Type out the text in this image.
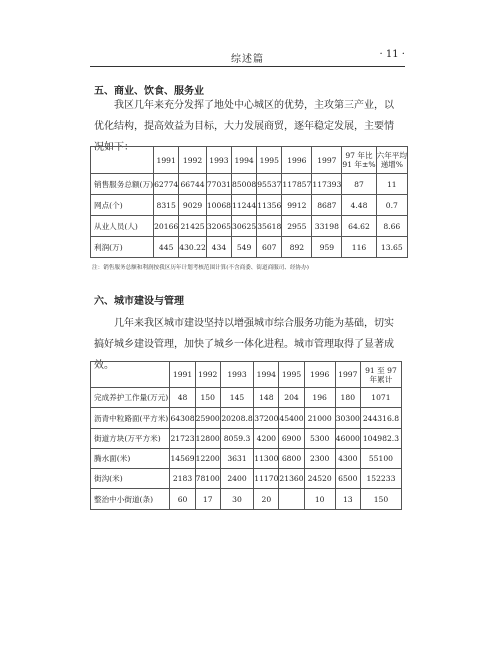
综述篇	· 11 ·
五、商业、饮食、服务业

我区几年来充分发挥了地处中心城区的优势，主攻第三产业，以优化结构，提高效益为目标，大力发展商贸，逐年稳定发展，主要情况如下：

	1991	1992	1993	1994	1995	1996	1997	97 年比
91 年±%	六年平均
递增%
销售服务总额(万)	62774	66744	77031	85008	95537	117857	117393	87	11
网点(个)	8315	9029	10068	11244	11356	9912	8687	4.48	0.7
从业人员(人)	20166	21425	32065	30625	35618	2955	33198	64.62	8.66
利润(万)	445	430.22	434	549	607	892	959	116	13.65
注：销售服务总额和利润按我区历年计划考核范围计算(不含商委、街道商服司、经协办)
六、城市建设与管理

几年来我区城市建设坚持以增强城市综合服务功能为基础，切实搞好城乡建设管理，加快了城乡一体化进程。城市管理取得了显著成效。

	1991	1992	1993	1994	1995	1996	1997	91 至 97
年累计
完成养护工作量(万元)	48	150	145	148	204	196	180	1071
沥青中粒路面(平方米)	64308	25900	20208.8	37200	45400	21000	30300	244316.8
街道方块(万平方米)	21723	12800	8059.3	4200	6900	5300	46000	104982.3
腾水面(米)	14569	12200	3631	11300	6800	2300	4300	55100
街沟(米)	2183	78100	2400	11170	21360	24520	6500	152233
整治中小街道(条)	60	17	30	20		10	13	150
